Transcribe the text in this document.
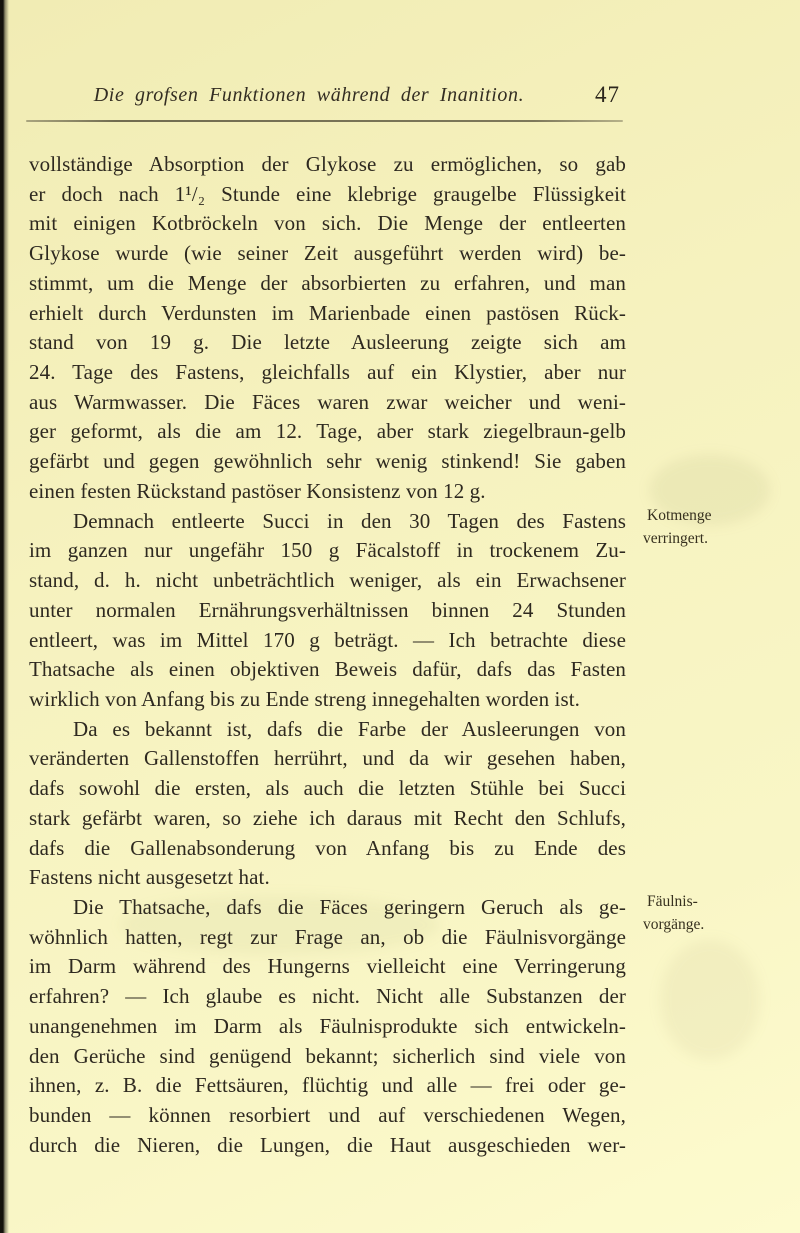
Die grofsen Funktionen während der Inanition.	47
vollständige Absorption der Glykose zu ermöglichen, so gab
er doch nach 1¹/₂ Stunde eine klebrige graugelbe Flüssigkeit
mit einigen Kotbröckeln von sich. Die Menge der entleerten
Glykose wurde (wie seiner Zeit ausgeführt werden wird) be-
stimmt, um die Menge der absorbierten zu erfahren, und man
erhielt durch Verdunsten im Marienbade einen pastösen Rück-
stand von 19 g. Die letzte Ausleerung zeigte sich am
24. Tage des Fastens, gleichfalls auf ein Klystier, aber nur
aus Warmwasser. Die Fäces waren zwar weicher und weni-
ger geformt, als die am 12. Tage, aber stark ziegelbraun-gelb
gefärbt und gegen gewöhnlich sehr wenig stinkend! Sie gaben
einen festen Rückstand pastöser Konsistenz von 12 g.
Demnach entleerte Succi in den 30 Tagen des Fastens
im ganzen nur ungefähr 150 g Fäcalstoff in trockenem Zu-
stand, d. h. nicht unbeträchtlich weniger, als ein Erwachsener
unter normalen Ernährungsverhältnissen binnen 24 Stunden
entleert, was im Mittel 170 g beträgt. — Ich betrachte diese
Thatsache als einen objektiven Beweis dafür, dafs das Fasten
wirklich von Anfang bis zu Ende streng innegehalten worden ist.
Da es bekannt ist, dafs die Farbe der Ausleerungen von
veränderten Gallenstoffen herrührt, und da wir gesehen haben,
dafs sowohl die ersten, als auch die letzten Stühle bei Succi
stark gefärbt waren, so ziehe ich daraus mit Recht den Schlufs,
dafs die Gallenabsonderung von Anfang bis zu Ende des
Fastens nicht ausgesetzt hat.
Die Thatsache, dafs die Fäces geringern Geruch als ge-
wöhnlich hatten, regt zur Frage an, ob die Fäulnisvorgänge
im Darm während des Hungerns vielleicht eine Verringerung
erfahren? — Ich glaube es nicht. Nicht alle Substanzen der
unangenehmen im Darm als Fäulnisprodukte sich entwickeln-
den Gerüche sind genügend bekannt; sicherlich sind viele von
ihnen, z. B. die Fettsäuren, flüchtig und alle — frei oder ge-
bunden — können resorbiert und auf verschiedenen Wegen,
durch die Nieren, die Lungen, die Haut ausgeschieden wer-
Kotmenge
verringert.
Fäulnis-
vorgänge.
